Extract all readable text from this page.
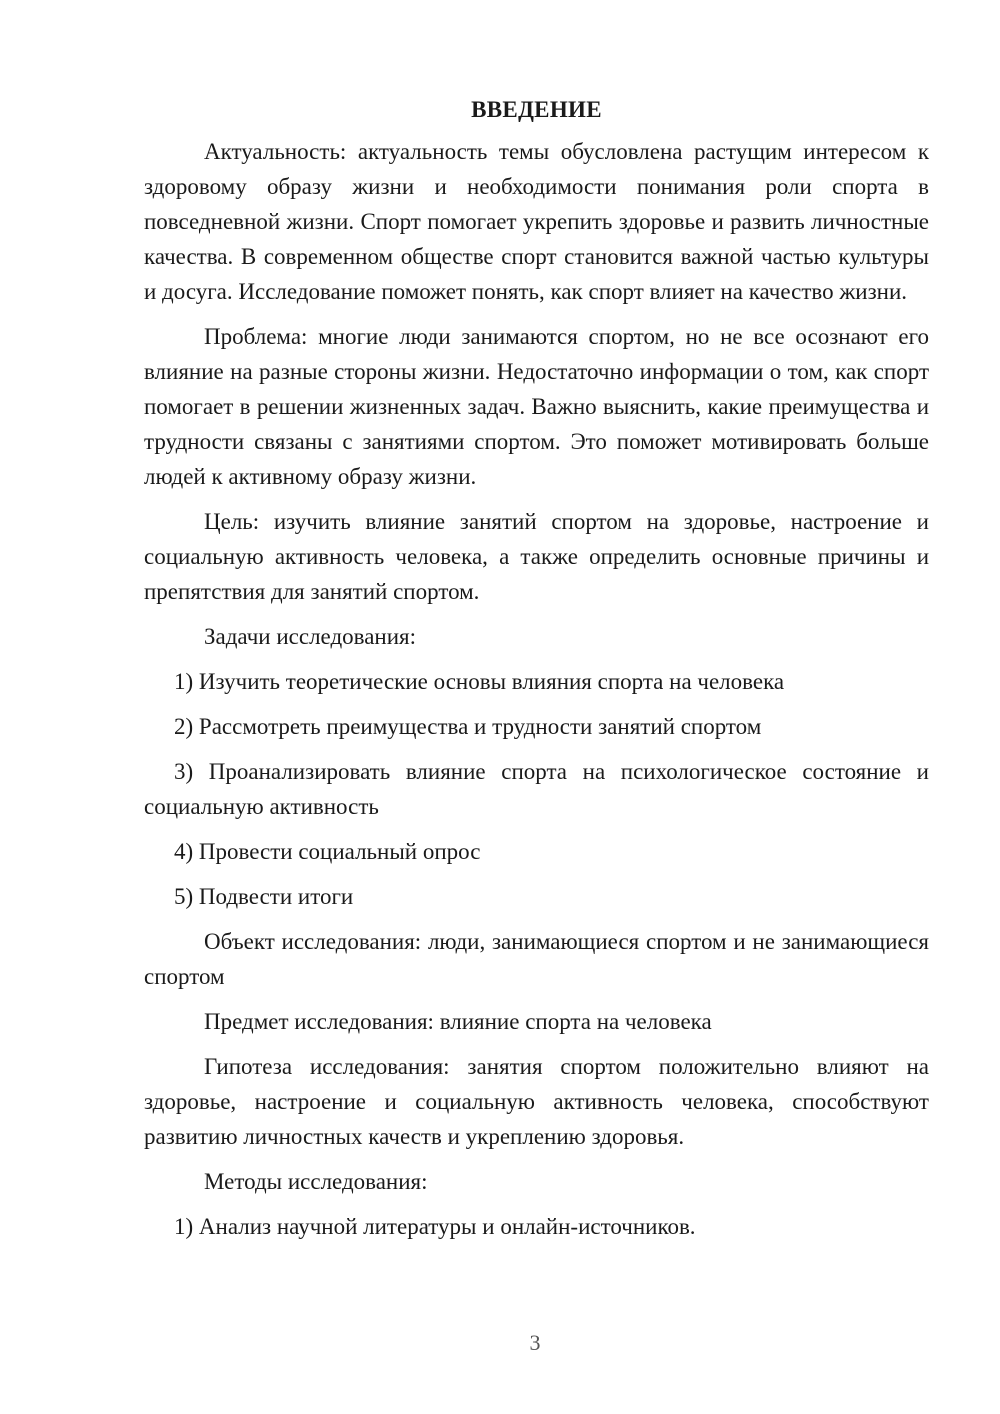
ВВЕДЕНИЕ

Актуальность: актуальность темы обусловлена растущим интересом к здоровому образу жизни и необходимости понимания роли спорта в повседневной жизни. Спорт помогает укрепить здоровье и развить личностные качества. В современном обществе спорт становится важной частью культуры и досуга. Исследование поможет понять, как спорт влияет на качество жизни.

Проблема: многие люди занимаются спортом, но не все осознают его влияние на разные стороны жизни. Недостаточно информации о том, как спорт помогает в решении жизненных задач. Важно выяснить, какие преимущества и трудности связаны с занятиями спортом. Это поможет мотивировать больше людей к активному образу жизни.

Цель: изучить влияние занятий спортом на здоровье, настроение и социальную активность человека, а также определить основные причины и препятствия для занятий спортом.

Задачи исследования:

1) Изучить теоретические основы влияния спорта на человека

2) Рассмотреть преимущества и трудности занятий спортом

3) Проанализировать влияние спорта на психологическое состояние и социальную активность

4) Провести социальный опрос

5) Подвести итоги

Объект исследования: люди, занимающиеся спортом и не занимающиеся спортом

Предмет исследования: влияние спорта на человека

Гипотеза исследования: занятия спортом положительно влияют на здоровье, настроение и социальную активность человека, способствуют развитию личностных качеств и укреплению здоровья.

Методы исследования:

1) Анализ научной литературы и онлайн-источников.

3
